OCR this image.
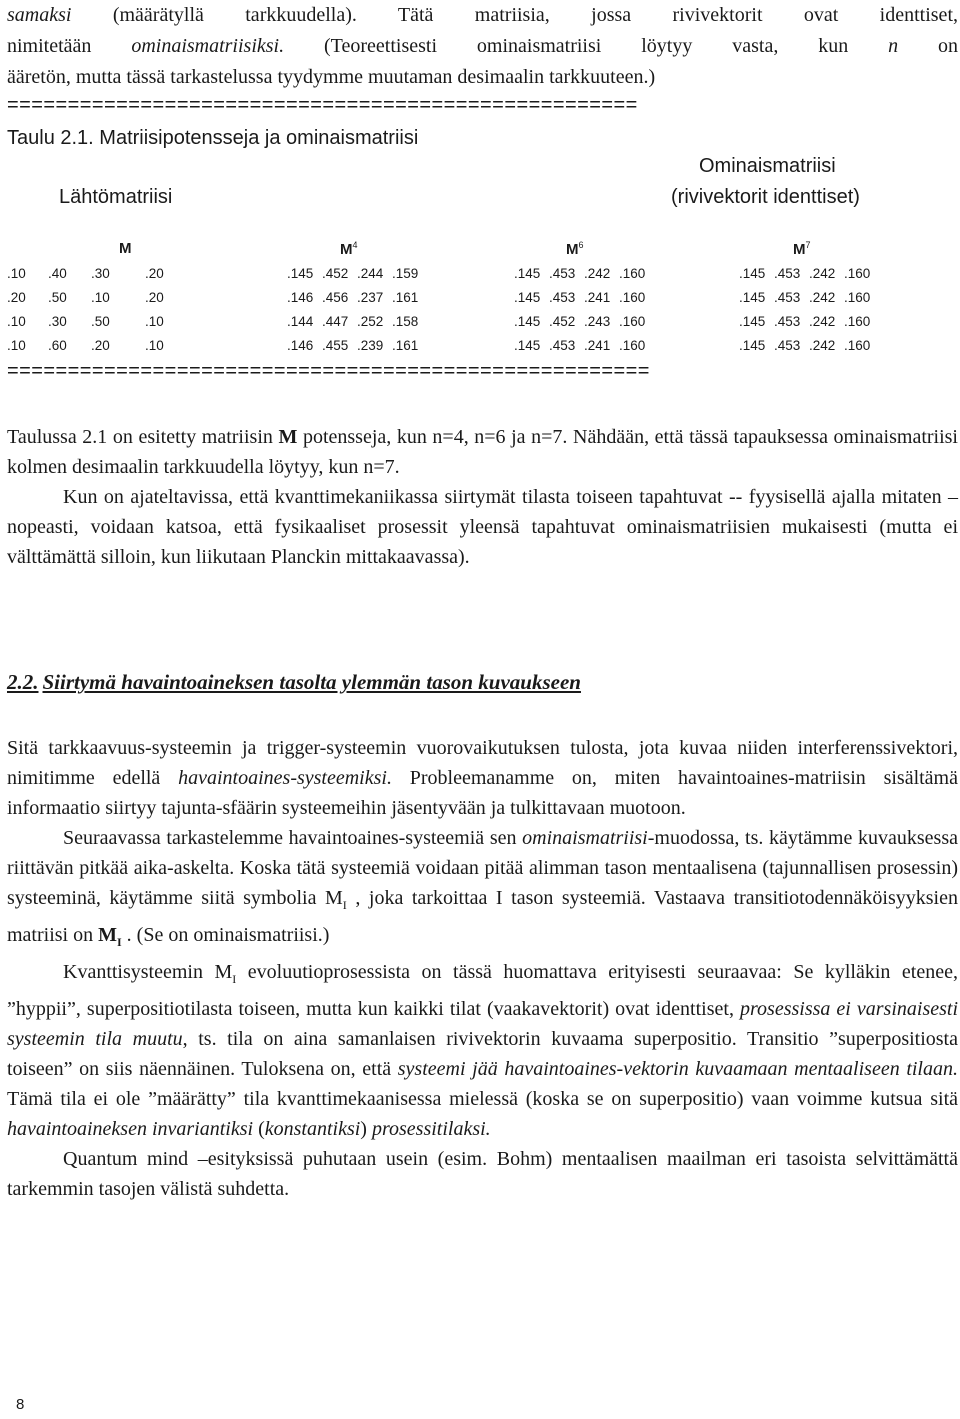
samaksi (määrätyllä tarkkuudella). Tätä matriisia, jossa rivivektorit ovat identtiset,

nimitetään ominaismatriisiksi. (Teoreettisesti ominaismatriisi löytyy vasta, kun n on

ääretön, mutta tässä tarkastelussa tyydymme muutaman desimaalin tarkkuuteen.)

====================================================
Taulu 2.1. Matriisipotensseja ja ominaismatriisi
Ominaismatriisi
Lähtömatriisi	(rivivektorit identtiset)
M	$M^4$	$M^6$	$M^7$
.10 .40 .30	.20	.145 .452 .244 .159	.145 .453 .242 .160	.145 .453 .242 .160
.20 .50 .10	.20	.146 .456 .237 .161	.145 .453 .241 .160	.145 .453 .242 .160
.10 .30 .50	.10	.144 .447 .252 .158	.145 .452 .243 .160	.145 .453 .242 .160
.10 .60 .20	.10	.146 .455 .239 .161	.145 .453 .241 .160	.145 .453 .242 .160
=====================================================

Taulussa 2.1 on esitetty matriisin M potensseja, kun n=4, n=6 ja n=7. Nähdään, että tässä tapauksessa ominaismatriisi kolmen desimaalin tarkkuudella löytyy, kun n=7.

Kun on ajateltavissa, että kvanttimekaniikassa siirtymät tilasta toiseen tapahtuvat -- fyysisellä ajalla mitaten – nopeasti, voidaan katsoa, että fysikaaliset prosessit yleensä tapahtuvat ominaismatriisien mukaisesti (mutta ei välttämättä silloin, kun liikutaan Planckin mittakaavassa).

2.2. Siirtymä havaintoaineksen tasolta ylemmän tason kuvaukseen

Sitä tarkkaavuus-systeemin ja trigger-systeemin vuorovaikutuksen tulosta, jota kuvaa niiden interferenssivektori, nimitimme edellä havaintoaines-systeemiksi. Probleemanamme on, miten havaintoaines-matriisin sisältämä informaatio siirtyy tajunta-sfäärin systeemeihin jäsentyvään ja tulkittavaan muotoon.

Seuraavassa tarkastelemme havaintoaines-systeemiä sen ominaismatriisi-muodossa, ts. käytämme kuvauksessa riittävän pitkää aika-askelta. Koska tätä systeemiä voidaan pitää alimman tason mentaalisena (tajunnallisen prosessin) systeeminä, käytämme siitä symbolia $M_I$ , joka tarkoittaa I tason systeemiä. Vastaava transitiotodennäköisyyksien matriisi on $M_I$ . (Se on ominaismatriisi.)

Kvanttisysteemin $M_I$ evoluutioprosessista on tässä huomattava erityisesti seuraavaa: Se kylläkin etenee, ”hyppii”, superpositiotilasta toiseen, mutta kun kaikki tilat (vaakavektorit) ovat identtiset, prosessissa ei varsinaisesti systeemin tila muutu, ts. tila on aina samanlaisen rivivektorin kuvaama superpositio. Transitio ”superpositiosta toiseen” on siis näennäinen. Tuloksena on, että systeemi jää havaintoaines-vektorin kuvaamaan mentaaliseen tilaan. Tämä tila ei ole ”määrätty” tila kvanttimekaanisessa mielessä (koska se on superpositio) vaan voimme kutsua sitä havaintoaineksen invariantiksi (konstantiksi) prosessitilaksi.

Quantum mind –esityksissä puhutaan usein (esim. Bohm) mentaalisen maailman eri tasoista selvittämättä tarkemmin tasojen välistä suhdetta.

8
